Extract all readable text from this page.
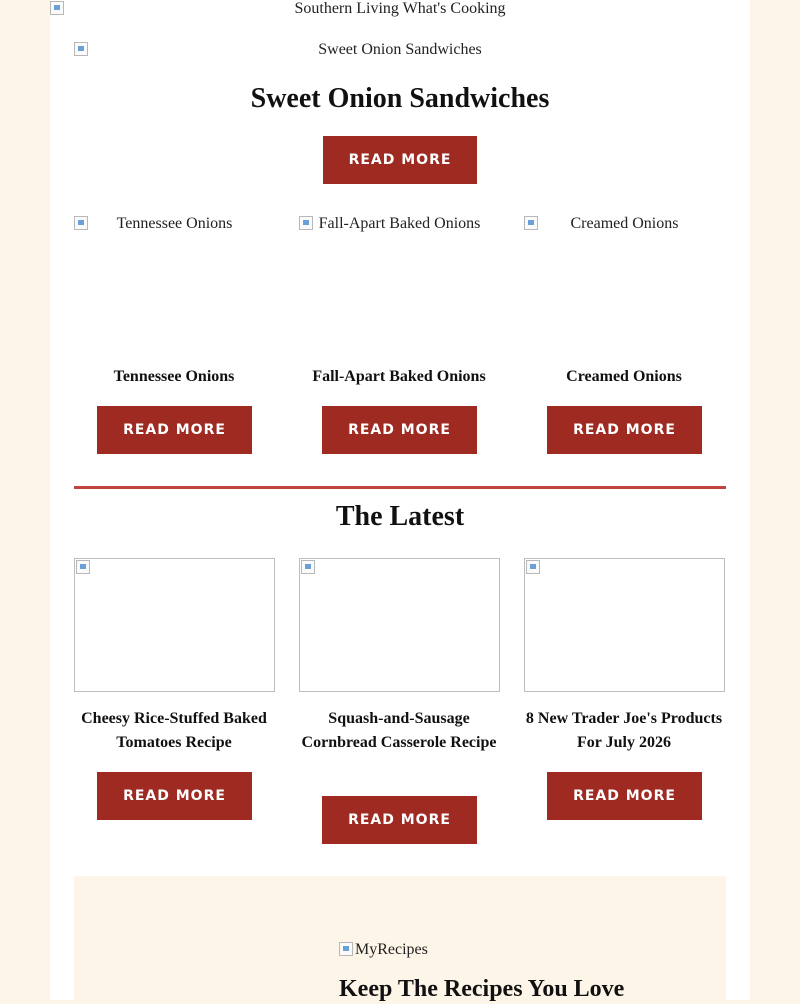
Southern Living What's Cooking
Sweet Onion Sandwiches
Sweet Onion Sandwiches
READ MORE
Tennessee Onions	Fall-Apart Baked Onions	Creamed Onions
Tennessee Onions	Fall-Apart Baked Onions	Creamed Onions
READ MORE	READ MORE	READ MORE
The Latest
Cheesy Rice-Stuffed Baked Tomatoes Recipe
Squash-and-Sausage Cornbread Casserole Recipe
8 New Trader Joe's Products For July 2026
READ MORE
READ MORE
READ MORE
MyRecipes
Keep The Recipes You Love
